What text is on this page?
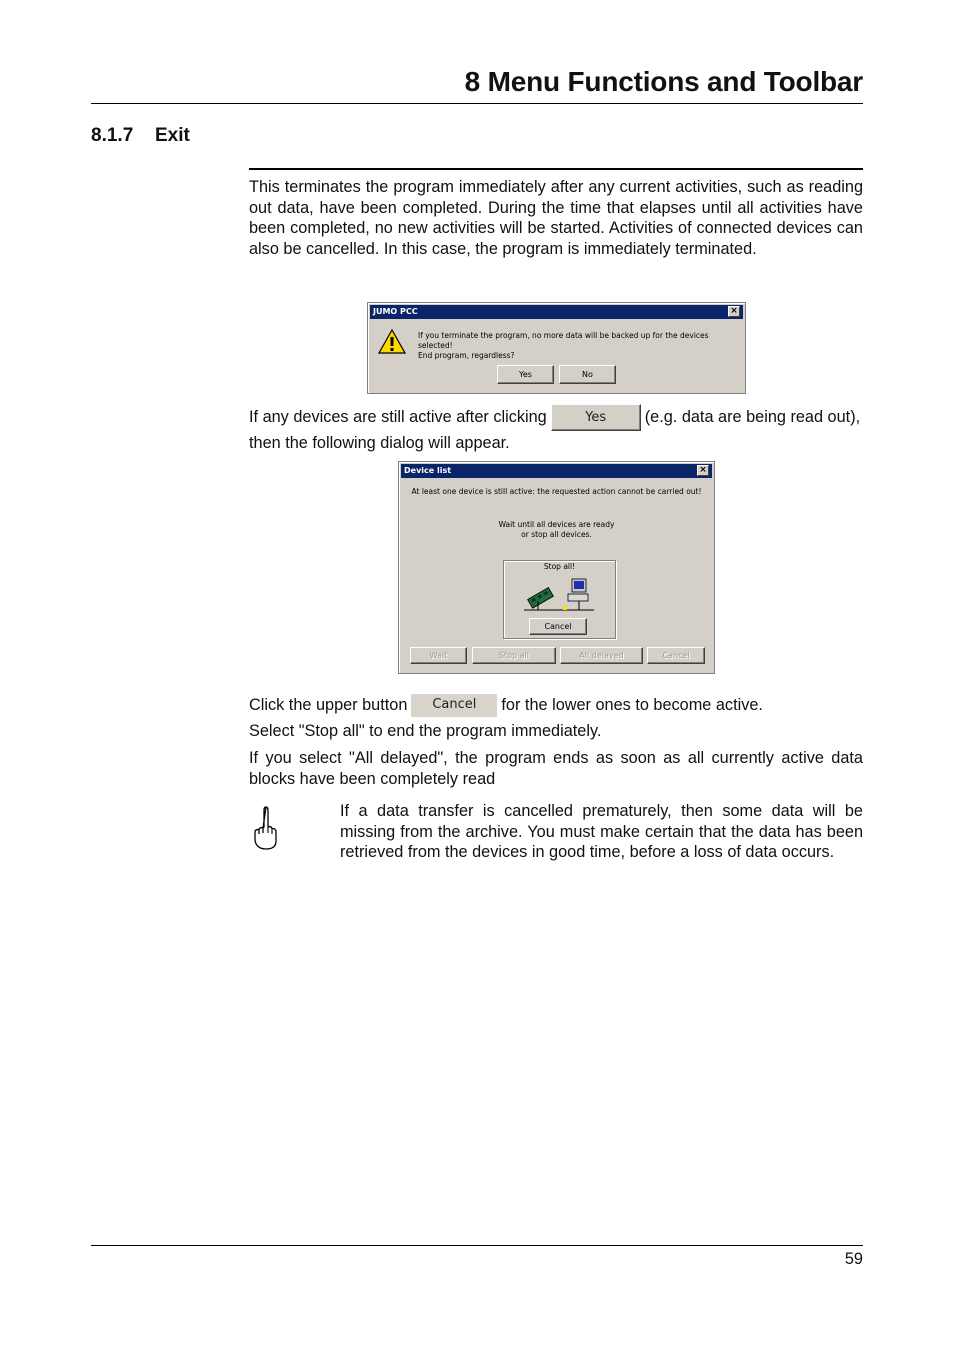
8 Menu Functions and Toolbar
8.1.7 Exit

This terminates the program immediately after any current activities, such as reading out data, have been completed. During the time that elapses until all activities have been completed, no new activities will be started. Activities of connected devices can also be cancelled. In this case, the program is immediately terminated.

JUMO PCC	×
If you terminate the program, no more data will be backed up for the devices selected!
End program, regardless?
Yes	No

If any devices are still active after clicking	Yes (e.g. data are being read out), then the following dialog will appear.

Device list	×
At least one device is still active: the requested action cannot be carried out!
Wait until all devices are ready
or stop all devices.
Stop all!
Cancel
Wait	Stop all	All delayed	Cancel

Click the upper button Cancel for the lower ones to become active.

Select "Stop all" to end the program immediately.

If you select "All delayed", the program ends as soon as all currently active data blocks have been completely read

If a data transfer is cancelled prematurely, then some data will be missing from the archive. You must make certain that the data has been retrieved from the devices in good time, before a loss of data occurs.

59
